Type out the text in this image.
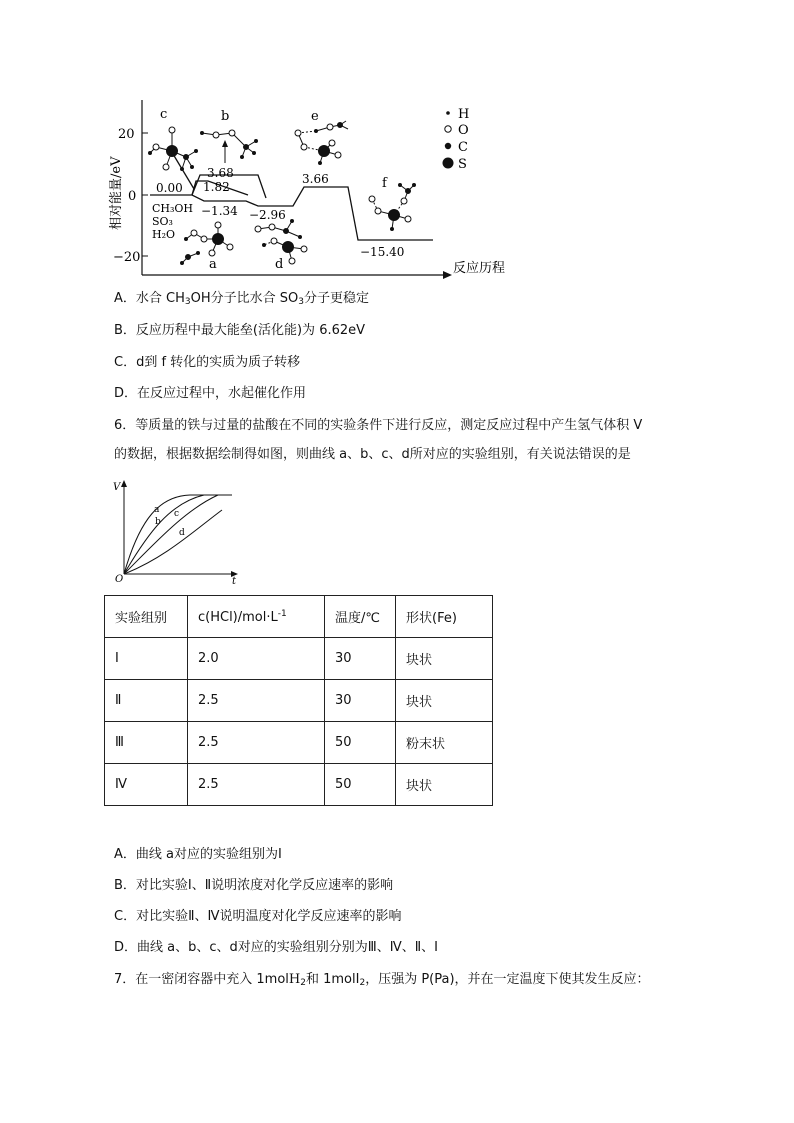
20
0
−20
相对能量/eV
反应历程
0.00 1.82
3.68
−1.34 −2.96
3.66
−15.40
CH₃OH
SO₃
H₂O
c	b	e
f
a	d
H
O
C
S
A．水合 $CH_3OH$分子比水合 $SO_3$分子更稳定
B．反应历程中最大能垒(活化能)为 6.62eV
C．d到 f 转化的实质为质子转移
D．在反应过程中，水起催化作用
6．等质量的铁与过量的盐酸在不同的实验条件下进行反应，测定反应过程中产生氢气体积 V
的数据，根据数据绘制得如图，则曲线 a、b、c、d所对应的实验组别，有关说法错误的是
V
t
O
a
b
c
d
实验组别	$c(HCl)/mol\cdot L^{-1}$	温度/℃	形状(Fe)
Ⅰ	2.0	30	块状
Ⅱ	2.5	30	块状
Ⅲ	2.5	50	粉末状
Ⅳ	2.5	50	块状
A．曲线 a对应的实验组别为Ⅰ
B．对比实验Ⅰ、Ⅱ说明浓度对化学反应速率的影响
C．对比实验Ⅱ、Ⅳ说明温度对化学反应速率的影响
D．曲线 a、b、c、d对应的实验组别分别为Ⅲ、Ⅳ、Ⅱ、Ⅰ
7．在一密闭容器中充入 1molH$_2$和 1molI$_2$，压强为 P(Pa)，并在一定温度下使其发生反应：
